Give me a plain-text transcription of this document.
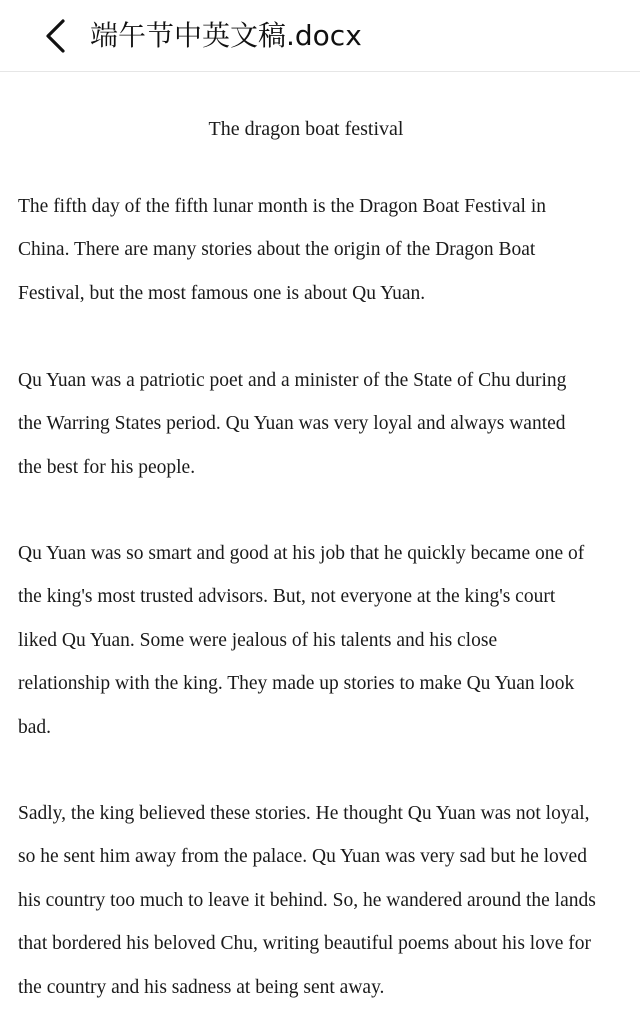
端午节中英文稿.docx
The dragon boat festival

The fifth day of the fifth lunar month is the Dragon Boat Festival in
China. There are many stories about the origin of the Dragon Boat
Festival, but the most famous one is about Qu Yuan.

Qu Yuan was a patriotic poet and a minister of the State of Chu during
the Warring States period. Qu Yuan was very loyal and always wanted
the best for his people.

Qu Yuan was so smart and good at his job that he quickly became one of
the king's most trusted advisors. But, not everyone at the king's court
liked Qu Yuan. Some were jealous of his talents and his close
relationship with the king. They made up stories to make Qu Yuan look
bad.

Sadly, the king believed these stories. He thought Qu Yuan was not loyal,
so he sent him away from the palace. Qu Yuan was very sad but he loved
his country too much to leave it behind. So, he wandered around the lands
that bordered his beloved Chu, writing beautiful poems about his love for
the country and his sadness at being sent away.
